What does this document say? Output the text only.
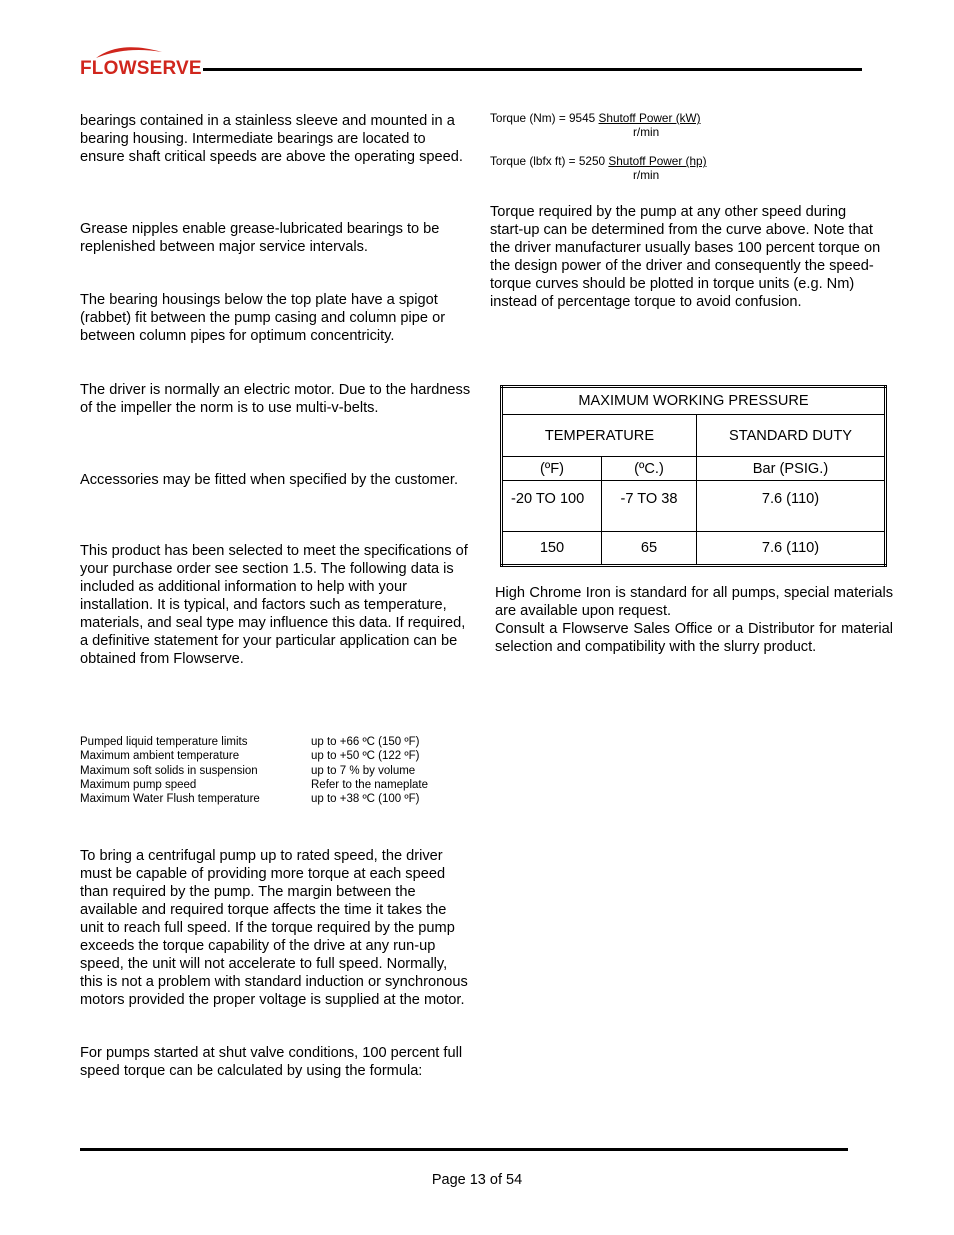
FLOWSERVE
bearings contained in a stainless sleeve and mounted in a bearing housing. Intermediate bearings are located to ensure shaft critical speeds are above the operating speed.
Grease nipples enable grease-lubricated bearings to be replenished between major service intervals.
The bearing housings below the top plate have a spigot (rabbet) fit between the pump casing and column pipe or between column pipes for optimum concentricity.
The driver is normally an electric motor. Due to the hardness of the impeller the norm is to use multi-v-belts.
Accessories may be fitted when specified by the customer.
This product has been selected to meet the specifications of your purchase order see section 1.5. The following data is included as additional information to help with your installation. It is typical, and factors such as temperature, materials, and seal type may influence this data. If required, a definitive statement for your particular application can be obtained from Flowserve.
Pumped liquid temperature limits	up to +66 ºC (150 ºF)
Maximum ambient temperature	up to +50 ºC (122 ºF)
Maximum soft solids in suspension	up to 7 % by volume
Maximum pump speed	Refer to the nameplate
Maximum Water Flush temperature	up to +38 ºC (100 ºF)
To bring a centrifugal pump up to rated speed, the driver must be capable of providing more torque at each speed than required by the pump. The margin between the available and required torque affects the time it takes the unit to reach full speed. If the torque required by the pump exceeds the torque capability of the drive at any run-up speed, the unit will not accelerate to full speed. Normally, this is not a problem with standard induction or synchronous motors provided the proper voltage is supplied at the motor.
For pumps started at shut valve conditions, 100 percent full speed torque can be calculated by using the formula:
Torque (Nm) = 9545 Shutoff Power (kW)
r/min
Torque (lbfx ft) = 5250 Shutoff Power (hp)
r/min
Torque required by the pump at any other speed during start-up can be determined from the curve above. Note that the driver manufacturer usually bases 100 percent torque on the design power of the driver and consequently the speed-torque curves should be plotted in torque units (e.g. Nm) instead of percentage torque to avoid confusion.
MAXIMUM WORKING PRESSURE		
TEMPERATURE		STANDARD DUTY
(ºF)	(ºC.)	Bar (PSIG.)
-20 TO 100	-7 TO 38	7.6 (110)
150	65	7.6 (110)
High Chrome Iron is standard for all pumps, special materials are available upon request.
Consult a Flowserve Sales Office or a Distributor for material selection and compatibility with the slurry product.
Page 13 of 54
